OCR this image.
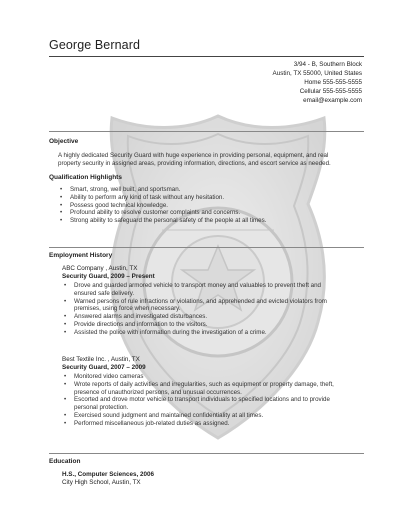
George Bernard
3/94 - B, Southern Block
Austin, TX 55000, United States
Home 555-555-5555
Cellular 555-555-5555
email@example.com
Objective
A highly dedicated Security Guard with huge experience in providing personal, equipment, and real
property security in assigned areas, providing information, directions, and escort service as needed.
Qualification Highlights
• Smart, strong, well built, and sportsman.
• Ability to perform any kind of task without any hesitation.
• Possess good technical knowledge.
• Profound ability to resolve customer complaints and concerns.
• Strong ability to safeguard the personal safety of the people at all times.
Employment History
ABC Company , Austin, TX
Security Guard, 2009 – Present
• Drove and guarded armored vehicle to transport money and valuables to prevent theft and
ensured safe delivery.
• Warned persons of rule infractions or violations, and apprehended and evicted violators from
premises, using force when necessary.
• Answered alarms and investigated disturbances.
• Provide directions and information to the visitors.
• Assisted the police with information during the investigation of a crime.
Best Textile Inc. , Austin, TX
Security Guard, 2007 – 2009
• Monitored video cameras
• Wrote reports of daily activities and irregularities, such as equipment or property damage, theft,
presence of unauthorized persons, and unusual occurrences.
• Escorted and drove motor vehicle to transport individuals to specified locations and to provide
personal protection.
• Exercised sound judgment and maintained confidentiality at all times.
• Performed miscellaneous job-related duties as assigned.
Education
H.S., Computer Sciences, 2006
City High School, Austin, TX
